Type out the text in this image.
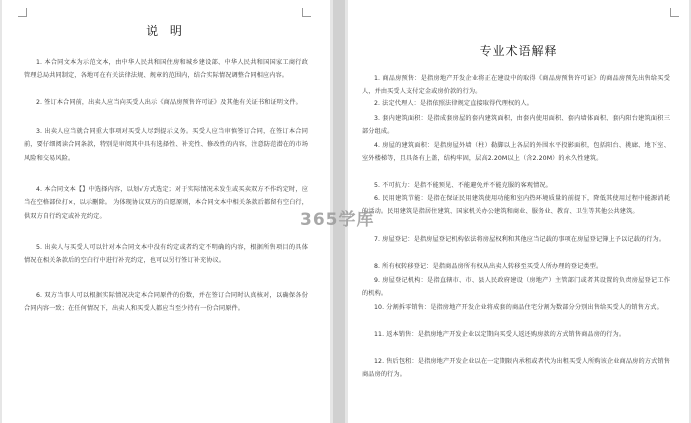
说 明

1. 本合同文本为示范文本，由中华人民共和国住房和城乡建设部、中华人民共和国国家工商行政管理总局共同制定，各地可在有关法律法规、规章的范围内，结合实际情况调整合同相应内容。

2. 签订本合同前，出卖人应当向买受人出示《商品房预售许可证》及其他有关证书和证明文件。

3. 出卖人应当就合同重大事项对买受人尽到提示义务。买受人应当审慎签订合同，在签订本合同前，要仔细阅读合同条款，特别是审阅其中具有选择性、补充性、修改性的内容，注意防范潜在的市场风险和交易风险。

4. 本合同文本【】中选择内容，以划√方式选定；对于实际情况未发生或买卖双方不作约定时，应当在空格部位打×，以示删除。 为体现协议双方的自愿原则，本合同文本中相关条款后都留有空白行，供双方自行约定或补充约定。

5. 出卖人与买受人可以针对本合同文本中没有约定或者约定不明确的内容，根据所售项目的具体情况在相关条款后的空白行中进行补充约定，也可以另行签订补充协议。

6. 双方当事人可以根据实际情况决定本合同原件的份数，并在签订合同时认真核对，以确保各份合同内容一致；在任何情况下，出卖人和买受人都应当至少持有一份合同原件。

专业术语解释

1. 商品房预售：是指房地产开发企业将正在建设中的取得《商品房预售许可证》的商品房预先出售给买受人，并由买受人支付定金或房价款的行为。

2. 法定代理人：是指依照法律规定直接取得代理权的人。

3. 套内建筑面积：是指成套房屋的套内建筑面积，由套内使用面积、套内墙体面积、套内阳台建筑面积三部分组成。

4. 房屋的建筑面积：是指房屋外墙（柱）勒脚以上各层的外围水平投影面积，包括阳台、挑廊、地下室、室外楼梯等，且具备有上盖，结构牢固，层高2.20M以上（含2.20M）的永久性建筑。

5. 不可抗力：是指不能预见、不能避免并不能克服的客观情况。

6. 民用建筑节能：是指在保证民用建筑使用功能和室内热环境质量的前提下，降低其使用过程中能源消耗的活动。民用建筑是指居住建筑、国家机关办公建筑和商业、服务业、教育、卫生等其他公共建筑。

7. 房屋登记：是指房屋登记机构依法将房屋权利和其他应当记载的事项在房屋登记簿上予以记载的行为。

8. 所有权转移登记：是指商品房所有权从出卖人转移至买受人所办理的登记类型。

9. 房屋登记机构：是指直辖市、市、县人民政府建设（房地产）主管部门或者其设置的负责房屋登记工作的机构。

10. 分割拆零销售：是指房地产开发企业将成套的商品住宅分割为数部分分别出售给买受人的销售方式。

11. 返本销售：是指房地产开发企业以定期向买受人返还购房款的方式销售商品房的行为。

12. 售后包租：是指房地产开发企业以在一定期限内承租或者代为出租买受人所购该企业商品房的方式销售商品房的行为。

365学库
